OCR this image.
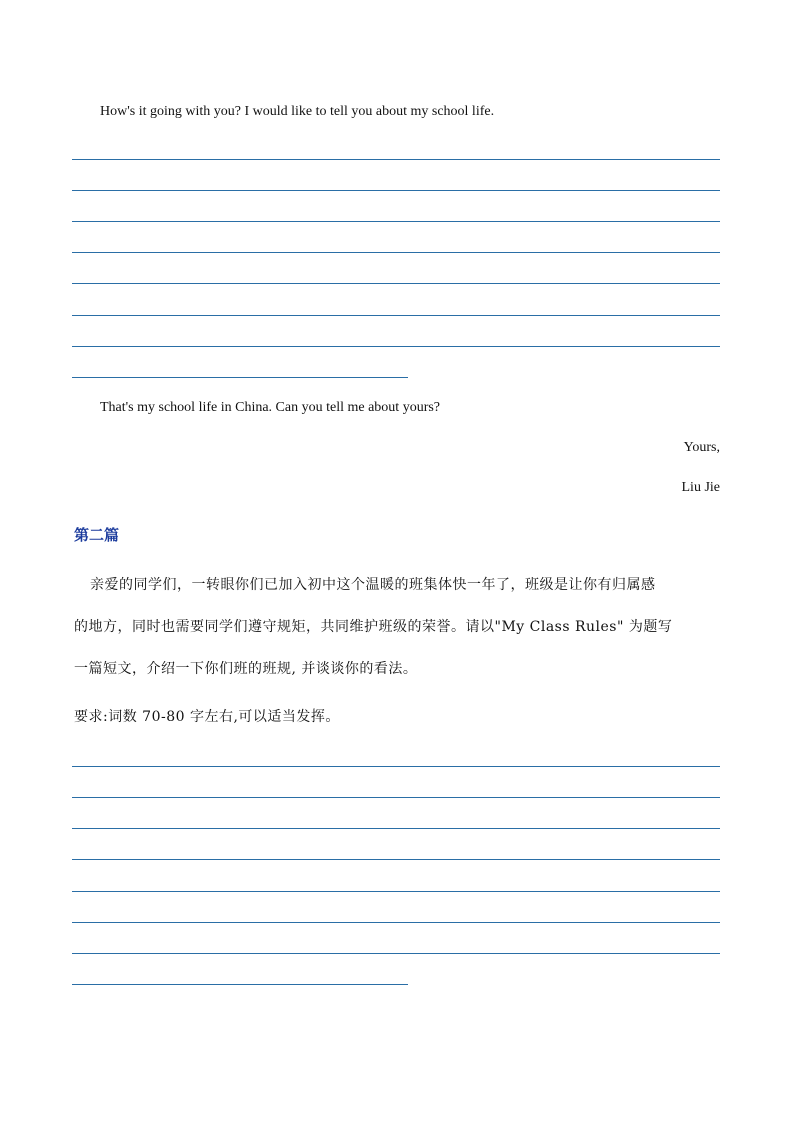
How's it going with you? I would like to tell you about my school life.
That's my school life in China. Can you tell me about yours?
Yours,
Liu Jie
第二篇
亲爱的同学们，一转眼你们已加入初中这个温暖的班集体快一年了，班级是让你有归属感
的地方，同时也需要同学们遵守规矩，共同维护班级的荣誉。请以"My Class Rules" 为题写
一篇短文，介绍一下你们班的班规, 并谈谈你的看法。
要求:词数 70-80 字左右,可以适当发挥。
